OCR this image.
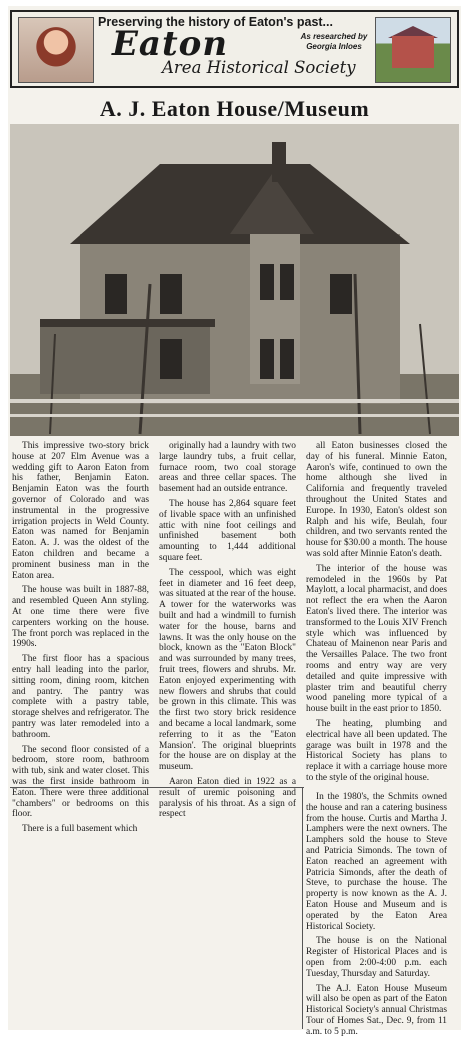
Preserving the history of Eaton's past...
Eaton
Area Historical Society
As researched by Georgia Inloes
A. J. Eaton House/Museum

This impressive two-story brick house at 207 Elm Avenue was a wedding gift to Aaron Eaton from his father, Benjamin Eaton. Benjamin Eaton was the fourth governor of Colorado and was instrumental in the progressive irrigation projects in Weld County. Eaton was named for Benjamin Eaton. A. J. was the oldest of the Eaton children and became a prominent business man in the Eaton area.

The house was built in 1887-88, and resembled Queen Ann styling. At one time there were five carpenters working on the house. The front porch was replaced in the 1990s.

The first floor has a spacious entry hall leading into the parlor, sitting room, dining room, kitchen and pantry. The pantry was complete with a pastry table, storage shelves and refrigerator. The pantry was later remodeled into a bathroom.

The second floor consisted of a bedroom, store room, bathroom with tub, sink and water closet. This was the first inside bathroom in Eaton. There were three additional "chambers" or bedrooms on this floor.

There is a full basement which

originally had a laundry with two large laundry tubs, a fruit cellar, furnace room, two coal storage areas and three cellar spaces. The basement had an outside entrance.

The house has 2,864 square feet of livable space with an unfinished attic with nine foot ceilings and unfinished basement both amounting to 1,444 additional square feet.

The cesspool, which was eight feet in diameter and 16 feet deep, was situated at the rear of the house. A tower for the waterworks was built and had a windmill to furnish water for the house, barns and lawns. It was the only house on the block, known as the "Eaton Block" and was surrounded by many trees, fruit trees, flowers and shrubs. Mr. Eaton enjoyed experimenting with new flowers and shrubs that could be grown in this climate. This was the first two story brick residence and became a local landmark, some referring to it as the "Eaton Mansion'. The original blueprints for the house are on display at the museum.

Aaron Eaton died in 1922 as a result of uremic poisoning and paralysis of his throat. As a sign of respect

all Eaton businesses closed the day of his funeral. Minnie Eaton, Aaron's wife, continued to own the home although she lived in California and frequently traveled throughout the United States and Europe. In 1930, Eaton's oldest son Ralph and his wife, Beulah, four children, and two servants rented the house for $30.00 a month. The house was sold after Minnie Eaton's death.

The interior of the house was remodeled in the 1960s by Pat Maylott, a local pharmacist, and does not reflect the era when the Aaron Eaton's lived there. The interior was transformed to the Louis XIV French style which was influenced by Chateau of Mainenon near Paris and the Versailles Palace. The two front rooms and entry way are very detailed and quite impressive with plaster trim and beautiful cherry wood paneling more typical of a house built in the east prior to 1850.

The heating, plumbing and electrical have all been updated. The garage was built in 1978 and the Historical Society has plans to replace it with a carriage house more to the style of the original house.

In the 1980's, the Schmits owned the house and ran a catering business from the house. Curtis and Martha J. Lamphers were the next owners. The Lamphers sold the house to Steve and Patricia Simonds. The town of Eaton reached an agreement with Patricia Simonds, after the death of Steve, to purchase the house. The property is now known as the A. J. Eaton House and Museum and is operated by the Eaton Area Historical Society.

The house is on the National Register of Historical Places and is open from 2:00-4:00 p.m. each Tuesday, Thursday and Saturday.

The A.J. Eaton House Museum will also be open as part of the Eaton Historical Society's annual Christmas Tour of Homes Sat., Dec. 9, from 11 a.m. to 5 p.m.
